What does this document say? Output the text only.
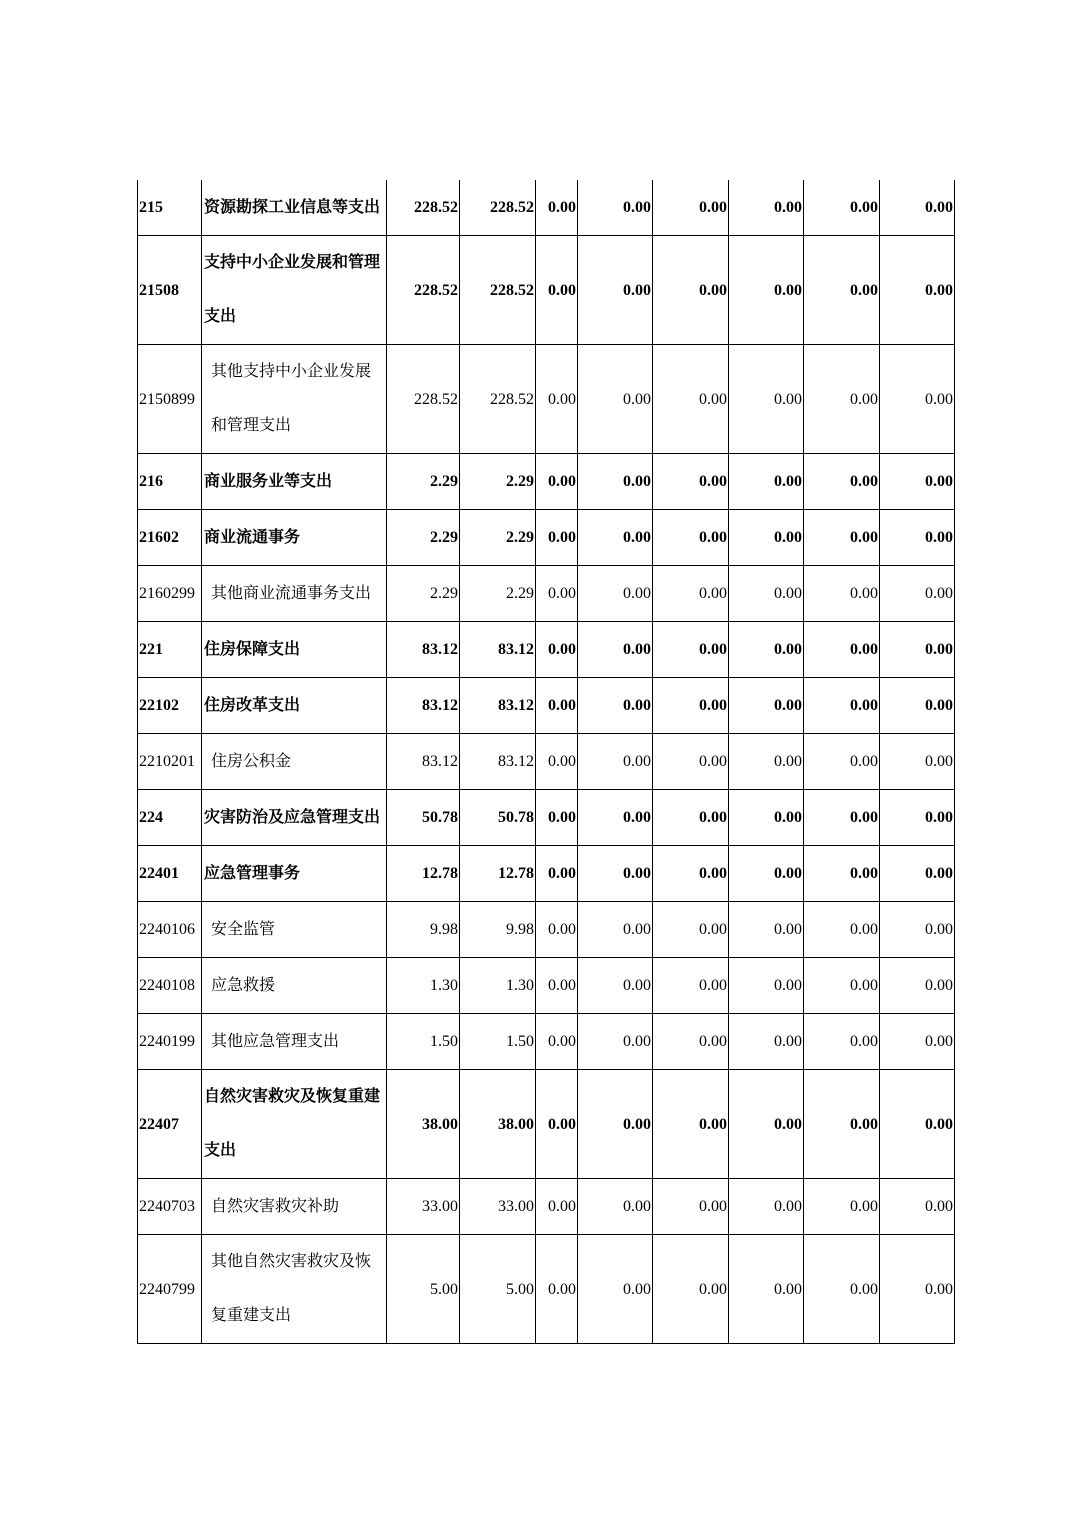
215	资源勘探工业信息等支出	228.52	228.52	0.00	0.00	0.00	0.00	0.00	0.00
21508	支持中小企业发展和管理支出	228.52	228.52	0.00	0.00	0.00	0.00	0.00	0.00
2150899	其他支持中小企业发展和管理支出	228.52	228.52	0.00	0.00	0.00	0.00	0.00	0.00
216	商业服务业等支出	2.29	2.29	0.00	0.00	0.00	0.00	0.00	0.00
21602	商业流通事务	2.29	2.29	0.00	0.00	0.00	0.00	0.00	0.00
2160299	其他商业流通事务支出	2.29	2.29	0.00	0.00	0.00	0.00	0.00	0.00
221	住房保障支出	83.12	83.12	0.00	0.00	0.00	0.00	0.00	0.00
22102	住房改革支出	83.12	83.12	0.00	0.00	0.00	0.00	0.00	0.00
2210201	住房公积金	83.12	83.12	0.00	0.00	0.00	0.00	0.00	0.00
224	灾害防治及应急管理支出	50.78	50.78	0.00	0.00	0.00	0.00	0.00	0.00
22401	应急管理事务	12.78	12.78	0.00	0.00	0.00	0.00	0.00	0.00
2240106	安全监管	9.98	9.98	0.00	0.00	0.00	0.00	0.00	0.00
2240108	应急救援	1.30	1.30	0.00	0.00	0.00	0.00	0.00	0.00
2240199	其他应急管理支出	1.50	1.50	0.00	0.00	0.00	0.00	0.00	0.00
22407	自然灾害救灾及恢复重建支出	38.00	38.00	0.00	0.00	0.00	0.00	0.00	0.00
2240703	自然灾害救灾补助	33.00	33.00	0.00	0.00	0.00	0.00	0.00	0.00
2240799	其他自然灾害救灾及恢复重建支出	5.00	5.00	0.00	0.00	0.00	0.00	0.00	0.00
